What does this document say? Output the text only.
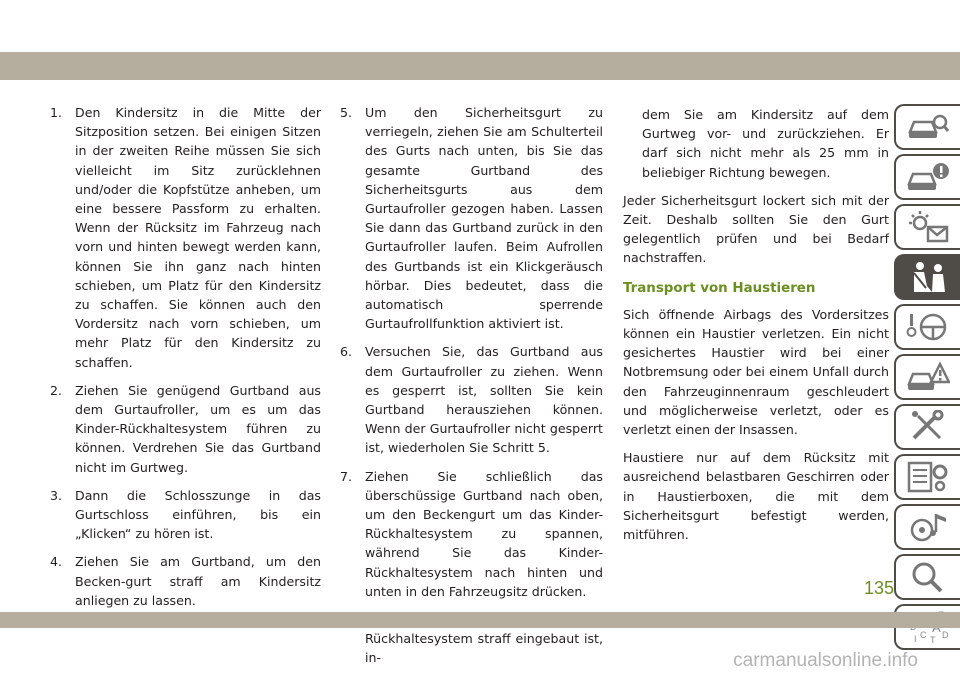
1. Den Kindersitz in die Mitte der Sitzposition setzen. Bei einigen Sitzen in der zweiten Reihe müssen Sie sich vielleicht im Sitz zurücklehnen und/oder die Kopfstütze anheben, um eine bessere Passform zu erhalten. Wenn der Rücksitz im Fahrzeug nach vorn und hinten bewegt werden kann, können Sie ihn ganz nach hinten schieben, um Platz für den Kindersitz zu schaffen. Sie können auch den Vordersitz nach vorn schieben, um mehr Platz für den Kindersitz zu schaffen.
2. Ziehen Sie genügend Gurtband aus dem Gurtaufroller, um es um das Kinder-Rückhaltesystem führen zu können. Verdrehen Sie das Gurtband nicht im Gurtweg.
3. Dann die Schlosszunge in das Gurtschloss einführen, bis ein „Klicken“ zu hören ist.
4. Ziehen Sie am Gurtband, um den Becken-gurt straff am Kindersitz anliegen zu lassen.
5. Um den Sicherheitsgurt zu verriegeln, ziehen Sie am Schulterteil des Gurts nach unten, bis Sie das gesamte Gurtband des Sicherheitsgurts aus dem Gurtaufroller gezogen haben. Lassen Sie dann das Gurtband zurück in den Gurtaufroller laufen. Beim Aufrollen des Gurtbands ist ein Klickgeräusch hörbar. Dies bedeutet, dass die automatisch sperrende Gurtaufrollfunktion aktiviert ist.
6. Versuchen Sie, das Gurtband aus dem Gurtaufroller zu ziehen. Wenn es gesperrt ist, sollten Sie kein Gurtband herausziehen können. Wenn der Gurtaufroller nicht gesperrt ist, wiederholen Sie Schritt 5.
7. Ziehen Sie schließlich das überschüssige Gurtband nach oben, um den Beckengurt um das Kinder-Rückhaltesystem zu spannen, während Sie das Kinder-Rückhaltesystem nach hinten und unten in den Fahrzeugsitz drücken.
Rückhaltesystem straff eingebaut ist, in-

dem Sie am Kindersitz auf dem Gurtweg vor- und zurückziehen. Er darf sich nicht mehr als 25 mm in beliebiger Richtung bewegen.

Jeder Sicherheitsgurt lockert sich mit der Zeit. Deshalb sollten Sie den Gurt gelegentlich prüfen und bei Bedarf nachstraffen.

Transport von Haustieren

Sich öffnende Airbags des Vordersitzes können ein Haustier verletzen. Ein nicht gesichertes Haustier wird bei einer Notbremsung oder bei einem Unfall durch den Fahrzeuginnenraum geschleudert und möglicherweise verletzt, oder es verletzt einen der Insassen.

Haustiere nur auf dem Rücksitz mit ausreichend belastbaren Geschirren oder in Haustierboxen, die mit dem Sicherheitsgurt befestigt werden, mitführen.

C D
I T
135
carmanualsonline.info
